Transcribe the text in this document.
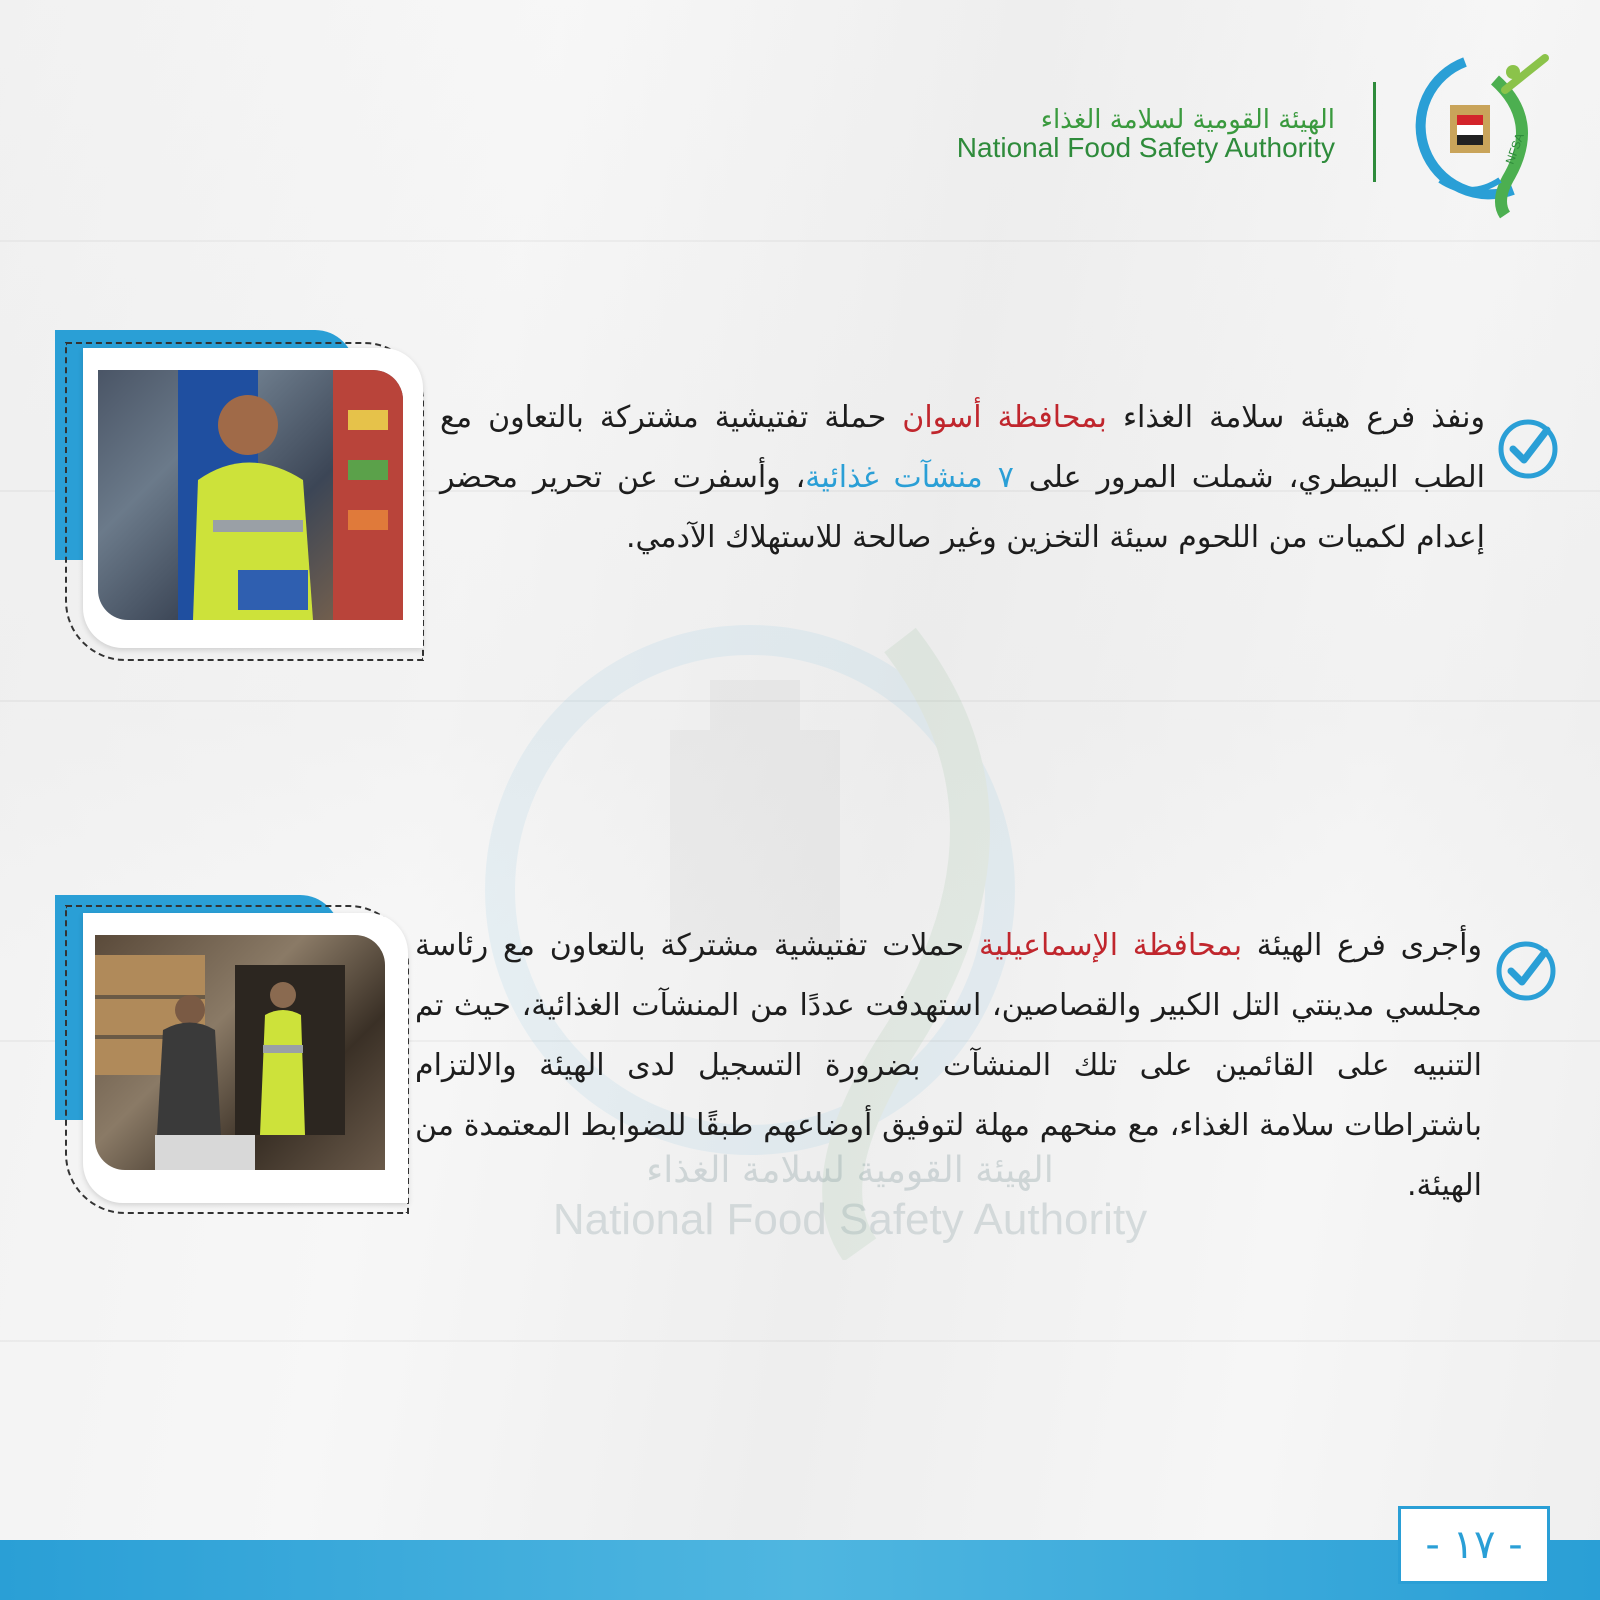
الهيئة القومية لسلامة الغذاء
National Food Safety Authority
الهيئة القومية لسلامة الغذاء
National Food Safety Authority	NFSA
ونفذ فرع هيئة سلامة الغذاء بمحافظة أسوان حملة تفتيشية مشتركة بالتعاون مع الطب البيطري، شملت المرور على ٧ منشآت غذائية، وأسفرت عن تحرير محضر إعدام لكميات من اللحوم سيئة التخزين وغير صالحة للاستهلاك الآدمي.
وأجرى فرع الهيئة بمحافظة الإسماعيلية حملات تفتيشية مشتركة بالتعاون مع رئاسة مجلسي مدينتي التل الكبير والقصاصين، استهدفت عددًا من المنشآت الغذائية، حيث تم التنبيه على القائمين على تلك المنشآت بضرورة التسجيل لدى الهيئة والالتزام باشتراطات سلامة الغذاء، مع منحهم مهلة لتوفيق أوضاعهم طبقًا للضوابط المعتمدة من الهيئة.
- ١٧ -
